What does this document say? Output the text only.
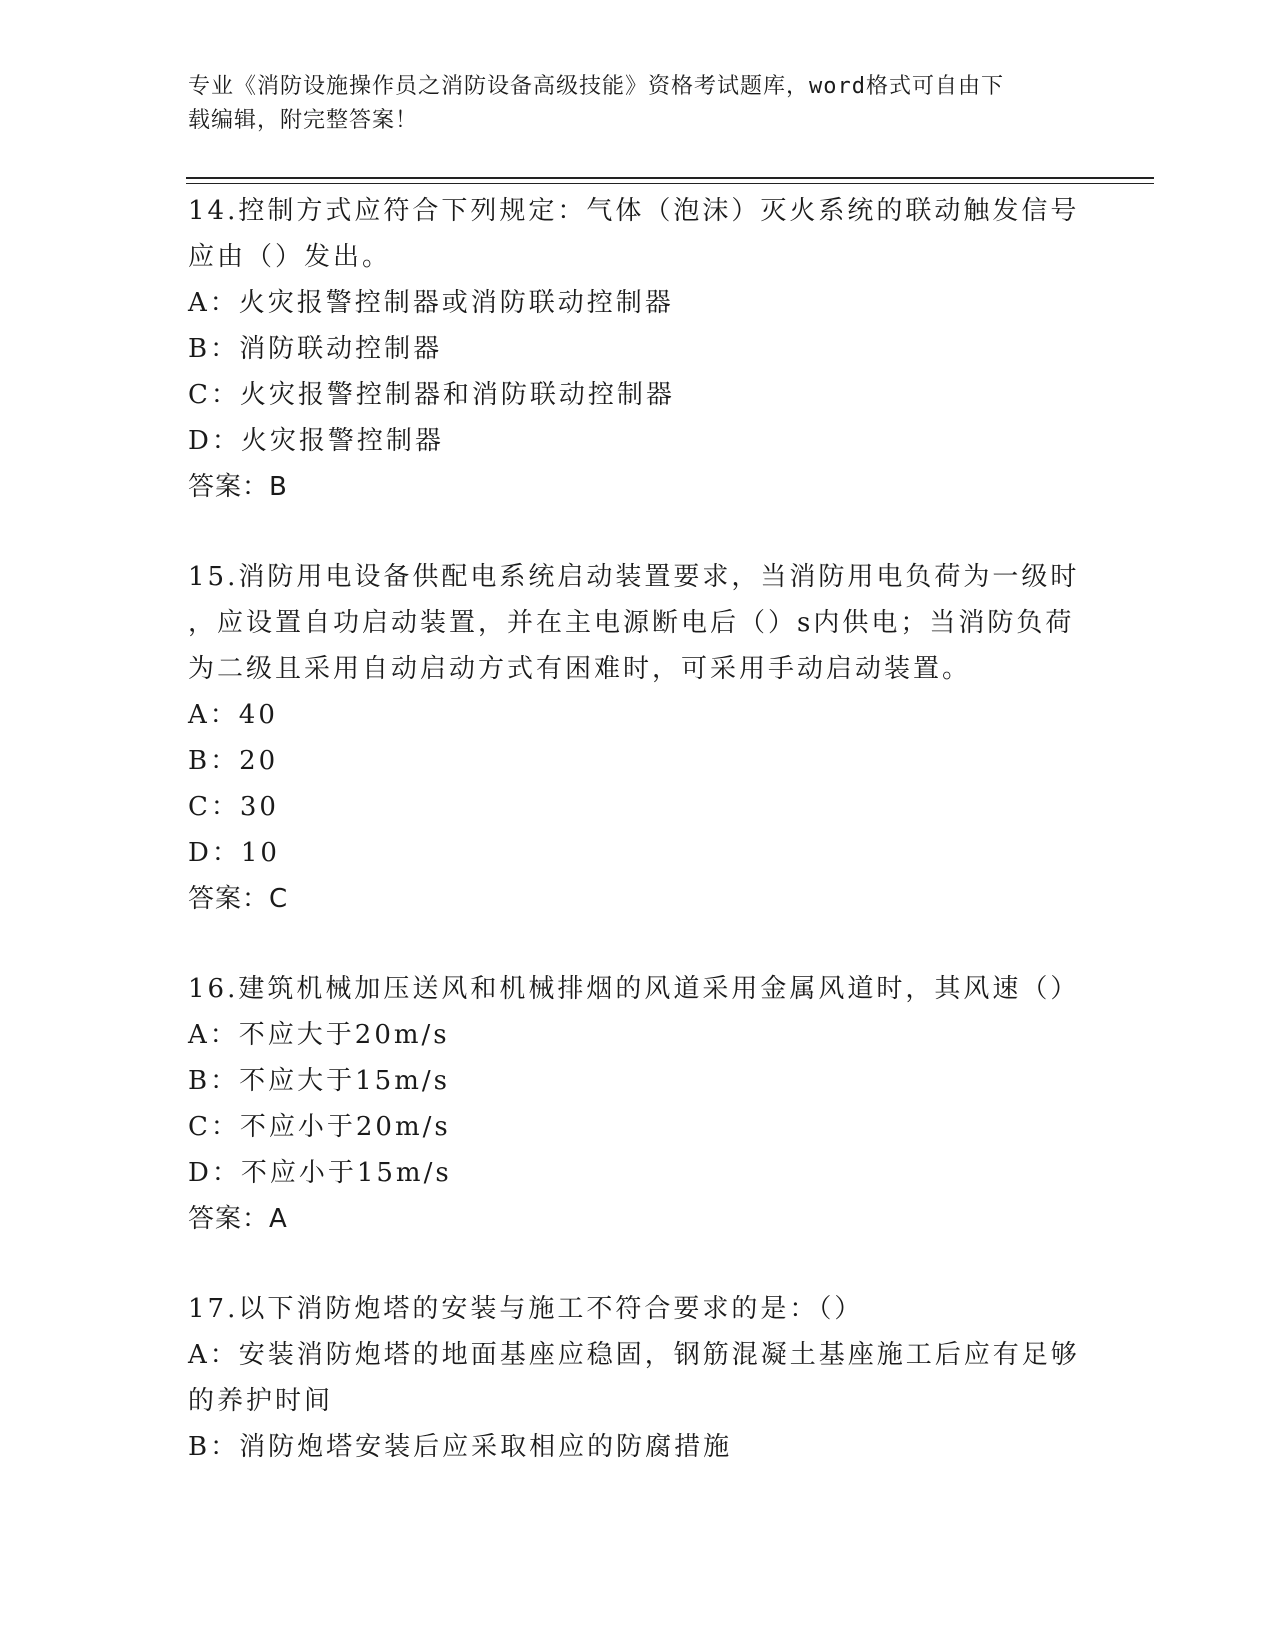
专业《消防设施操作员之消防设备高级技能》资格考试题库，word格式可自由下
载编辑，附完整答案！
14.控制方式应符合下列规定：气体（泡沫）灭火系统的联动触发信号
应由（）发出。
A：火灾报警控制器或消防联动控制器
B：消防联动控制器
C：火灾报警控制器和消防联动控制器
D：火灾报警控制器
答案：B
15.消防用电设备供配电系统启动装置要求，当消防用电负荷为一级时
，应设置自功启动装置，并在主电源断电后（）s内供电；当消防负荷
为二级且采用自动启动方式有困难时，可采用手动启动装置。
A：40
B：20
C：30
D：10
答案：C
16.建筑机械加压送风和机械排烟的风道采用金属风道时，其风速（）
A：不应大于20m/s
B：不应大于15m/s
C：不应小于20m/s
D：不应小于15m/s
答案：A
17.以下消防炮塔的安装与施工不符合要求的是：（）
A：安装消防炮塔的地面基座应稳固，钢筋混凝土基座施工后应有足够
的养护时间
B：消防炮塔安装后应采取相应的防腐措施
